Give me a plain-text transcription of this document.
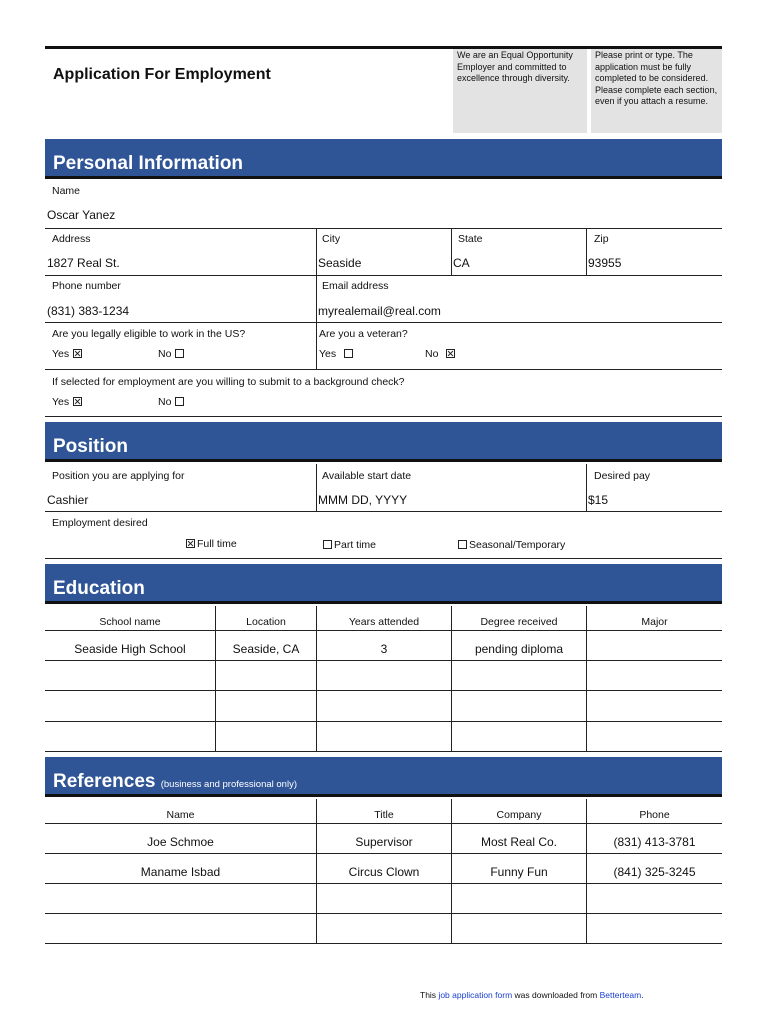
Application For Employment
We are an Equal Opportunity Employer and committed to excellence through diversity.
Please print or type. The application must be fully completed to be considered. Please complete each section, even if you attach a resume.
Personal Information
Name
Oscar Yanez
Address
1827 Real St.
City
Seaside
State
CA
Zip
93955
Phone number
(831) 383-1234
Email address
myrealemail@real.com
Are you legally eligible to work in the US?
Yes	No
Are you a veteran?
Yes	No
If selected for employment are you willing to submit to a background check?
Yes	No
Position
Position you are applying for
Cashier
Available start date
MMM DD, YYYY
Desired pay
$15
Employment desired
Full time	Part time	Seasonal/Temporary
Education
School name	Location	Years attended	Degree received	Major
Seaside High School	Seaside, CA	3	pending diploma
References (business and professional only)
Name	Title	Company	Phone
Joe Schmoe	Supervisor	Most Real Co.	(831) 413-3781
Maname Isbad	Circus Clown	Funny Fun	(841) 325-3245
This job application form was downloaded from Betterteam.
